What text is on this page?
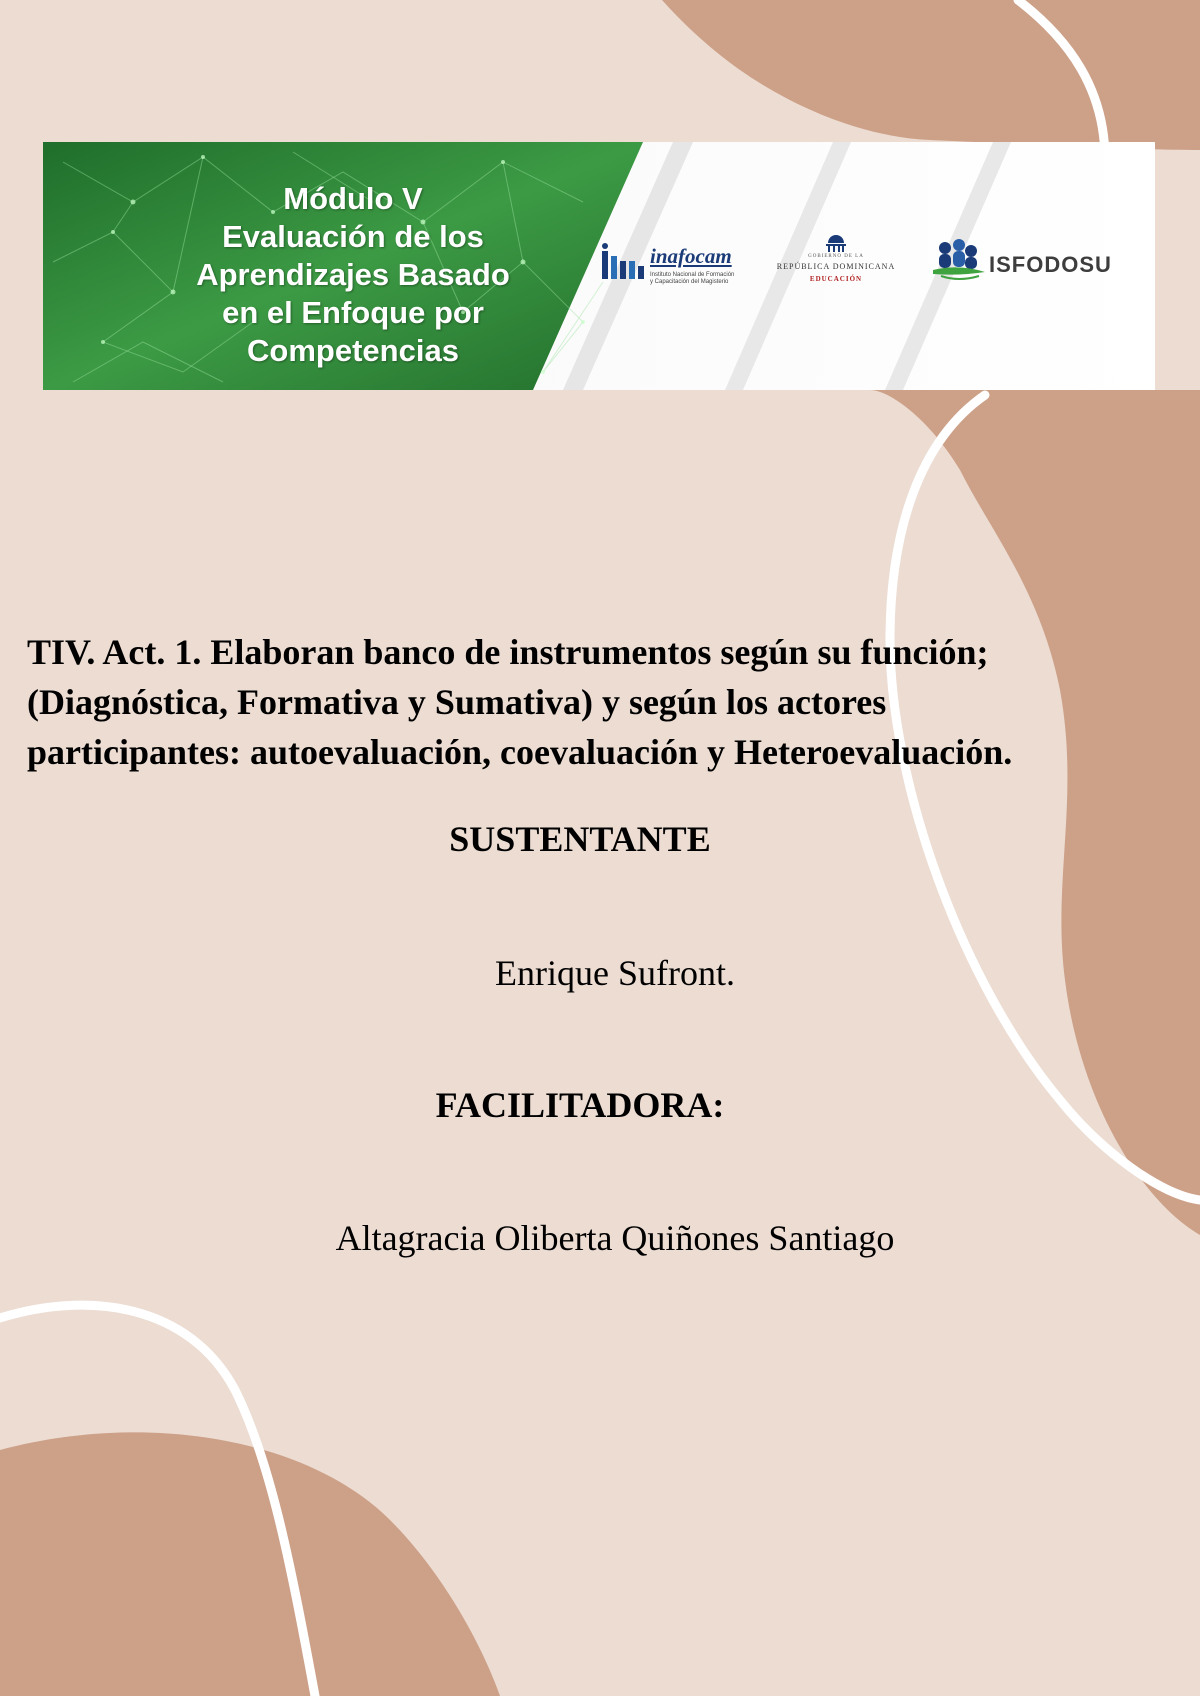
Módulo V
Evaluación de los
Aprendizajes Basado
en el Enfoque por
Competencias
inafocam
Instituto Nacional de Formación
y Capacitación del Magisterio
GOBIERNO DE LA
REPÚBLICA DOMINICANA
EDUCACIÓN
ISFODOSU
TIV. Act. 1. Elaboran banco de instrumentos según su función;
(Diagnóstica, Formativa y Sumativa) y según los actores
participantes: autoevaluación, coevaluación y Heteroevaluación.
SUSTENTANTE
Enrique Sufront.
FACILITADORA:
Altagracia Oliberta Quiñones Santiago
